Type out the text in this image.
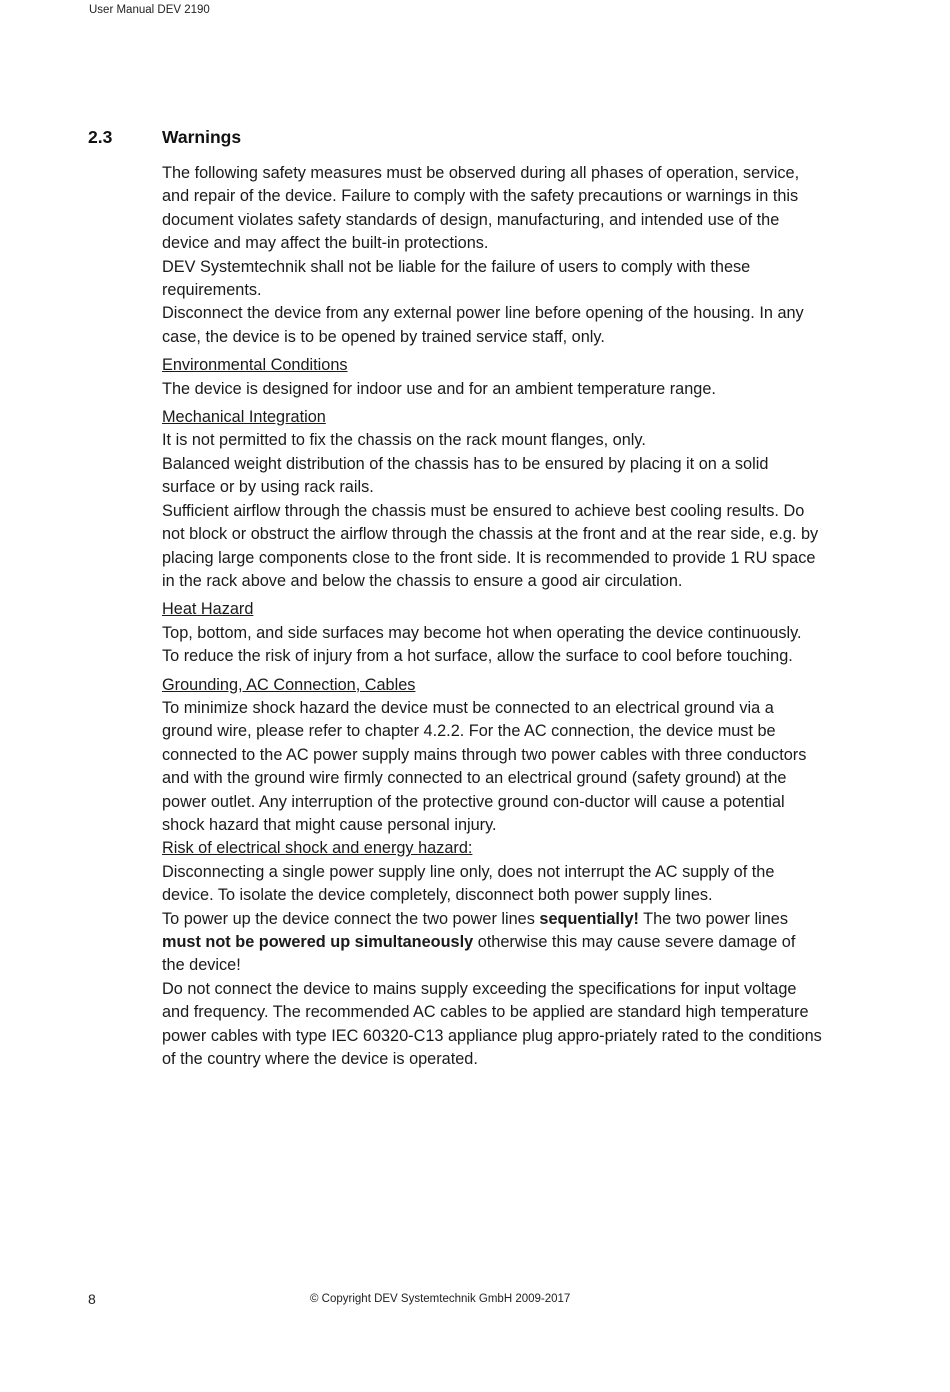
User Manual DEV 2190
2.3	Warnings

The following safety measures must be observed during all phases of operation, service, and repair of the device. Failure to comply with the safety precautions or warnings in this document violates safety standards of design, manufacturing, and intended use of the device and may affect the built-in protections.

DEV Systemtechnik shall not be liable for the failure of users to comply with these requirements.

Disconnect the device from any external power line before opening of the housing. In any case, the device is to be opened by trained service staff, only.

Environmental Conditions

The device is designed for indoor use and for an ambient temperature range.

Mechanical Integration

It is not permitted to fix the chassis on the rack mount flanges, only.

Balanced weight distribution of the chassis has to be ensured by placing it on a solid surface or by using rack rails.

Sufficient airflow through the chassis must be ensured to achieve best cooling results. Do not block or obstruct the airflow through the chassis at the front and at the rear side, e.g. by placing large components close to the front side. It is recommended to provide 1 RU space in the rack above and below the chassis to ensure a good air circulation.

Heat Hazard

Top, bottom, and side surfaces may become hot when operating the device continuously. To reduce the risk of injury from a hot surface, allow the surface to cool before touching.

Grounding, AC Connection, Cables

To minimize shock hazard the device must be connected to an electrical ground via a ground wire, please refer to chapter 4.2.2. For the AC connection, the device must be connected to the AC power supply mains through two power cables with three conductors and with the ground wire firmly connected to an electrical ground (safety ground) at the power outlet. Any interruption of the protective ground con-ductor will cause a potential shock hazard that might cause personal injury.

Risk of electrical shock and energy hazard:

Disconnecting a single power supply line only, does not interrupt the AC supply of the device. To isolate the device completely, disconnect both power supply lines.

To power up the device connect the two power lines sequentially! The two power lines must not be powered up simultaneously otherwise this may cause severe damage of the device!

Do not connect the device to mains supply exceeding the specifications for input voltage and frequency. The recommended AC cables to be applied are standard high temperature power cables with type IEC 60320-C13 appliance plug appro-priately rated to the conditions of the country where the device is operated.

8	© Copyright DEV Systemtechnik GmbH 2009-2017
